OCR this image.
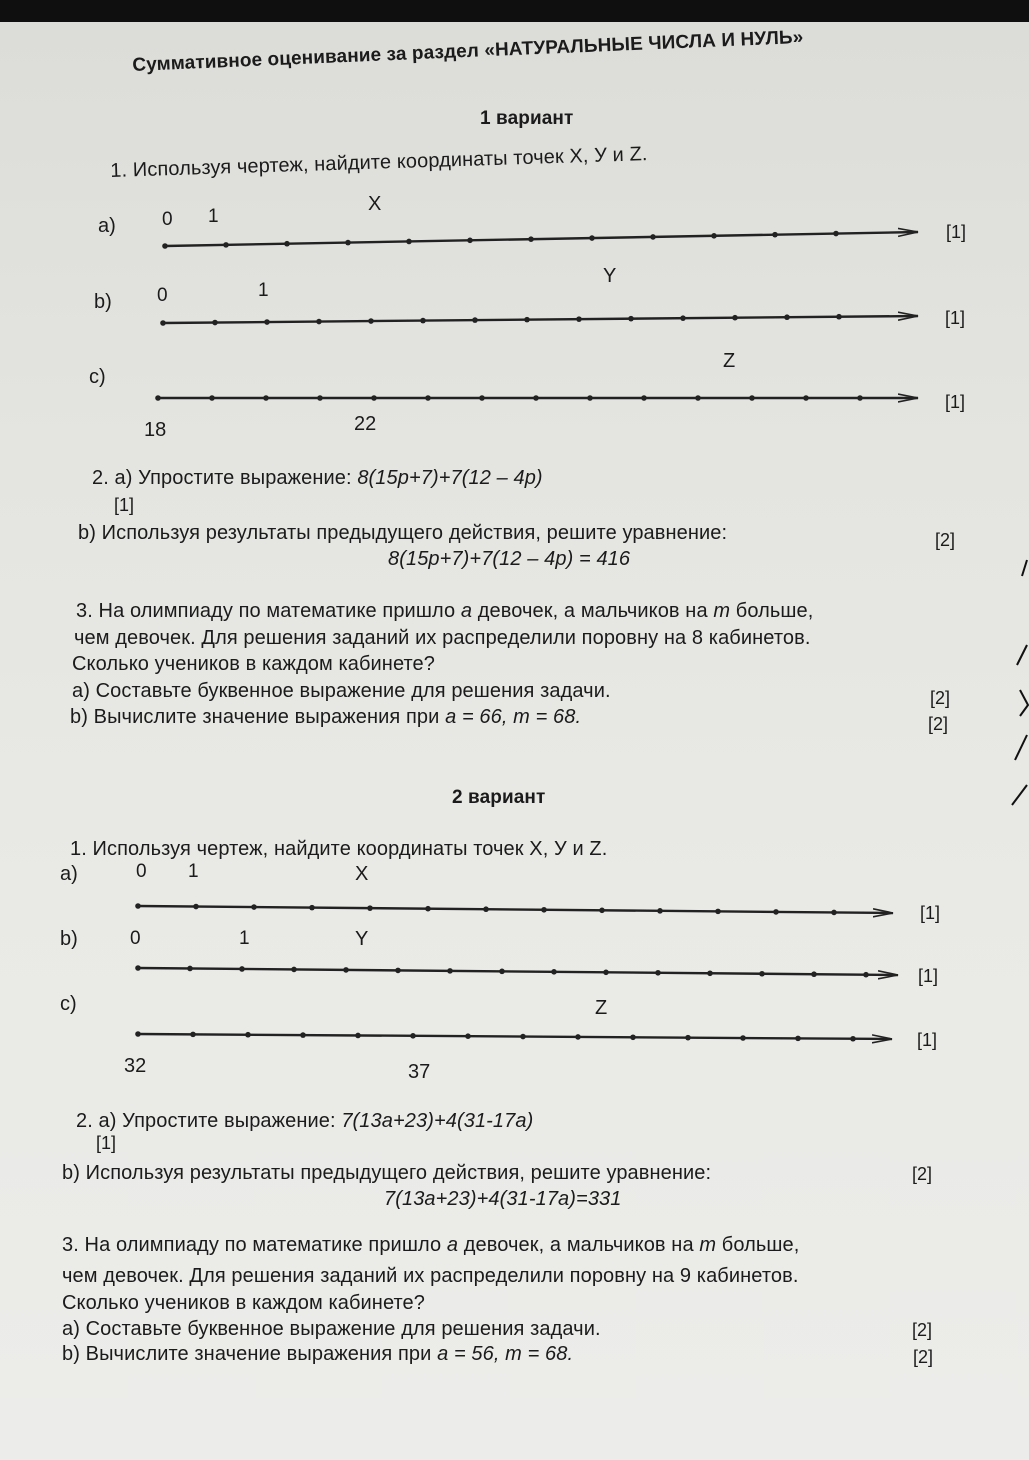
Суммативное оценивание за раздел «НАТУРАЛЬНЫЕ ЧИСЛА И НУЛЬ»
1 вариант
1. Используя чертеж, найдите координаты точек X, У и Z.
a) 0 1
X
[1]
b) 0	1
Y
[1]
c)
Z
[1]
18	22
2. a) Упростите выражение: 8(15p+7)+7(12 – 4p)
[1]
b) Используя результаты предыдущего действия, решите уравнение:	[2]
8(15p+7)+7(12 – 4p) = 416
3. На олимпиаду по математике пришло а девочек, а мальчиков на m больше,
чем девочек. Для решения заданий их распределили поровну на 8 кабинетов.
Сколько учеников в каждом кабинете?
a) Составьте буквенное выражение для решения задачи.	[2]
b) Вычислите значение выражения при a = 66, m = 68.	[2]
2 вариант
1. Используя чертеж, найдите координаты точек X, У и Z.
a)	0 1	X
[1]
b)	0	1	Y
[1]
c)	Z
[1]
32	37
2. a) Упростите выражение: 7(13a+23)+4(31-17a)
[1]
b) Используя результаты предыдущего действия, решите уравнение:	[2]
7(13a+23)+4(31-17a)=331
3. На олимпиаду по математике пришло а девочек, а мальчиков на m больше,
чем девочек. Для решения заданий их распределили поровну на 9 кабинетов.
Сколько учеников в каждом кабинете?
a) Составьте буквенное выражение для решения задачи.	[2]
b) Вычислите значение выражения при a = 56, m = 68.	[2]
